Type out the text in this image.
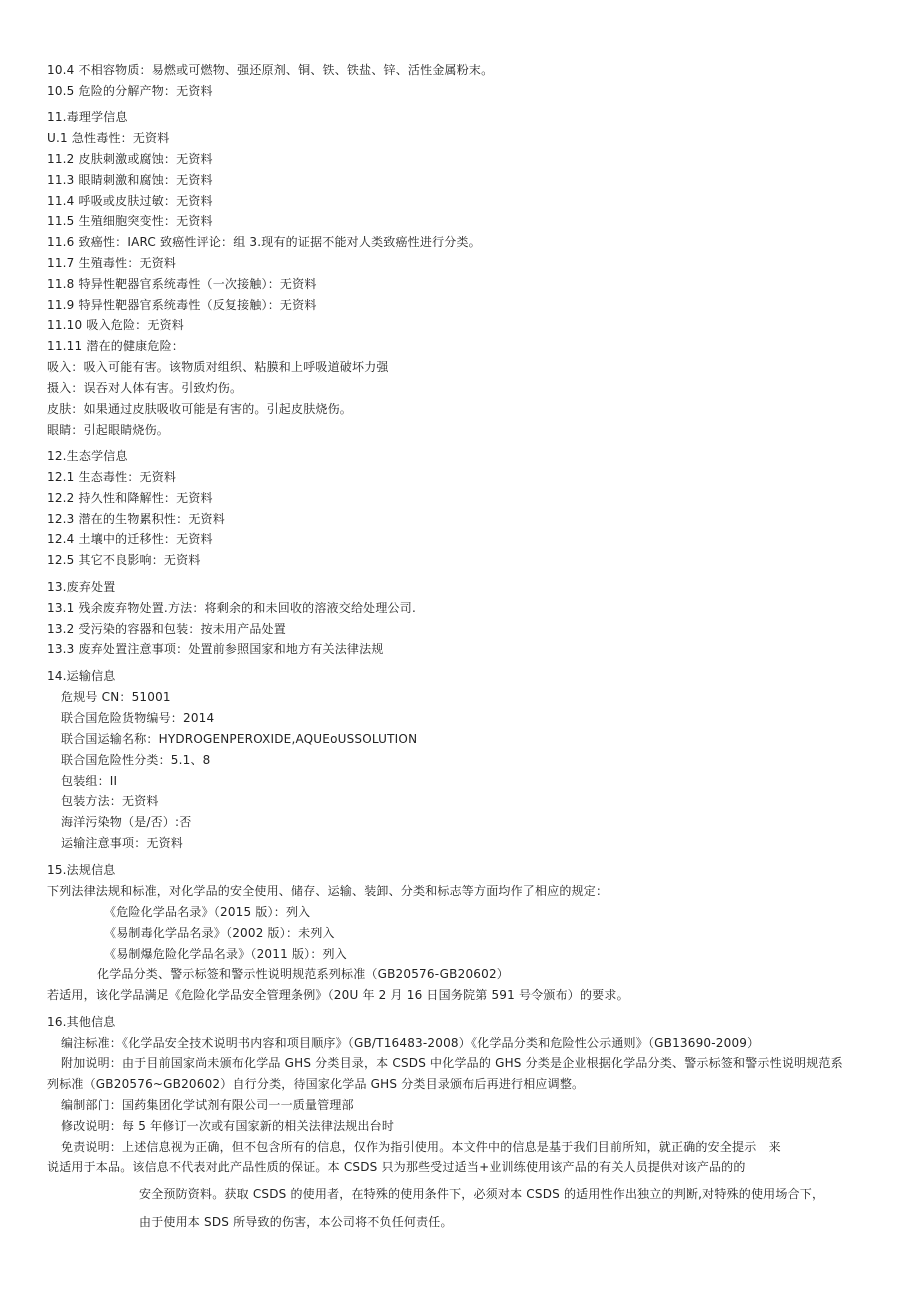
10.4 不相容物质：易燃或可燃物、强还原剂、铜、铁、铁盐、锌、活性金属粉末。
10.5 危险的分解产物：无资料
11.毒理学信息
U.1 急性毒性：无资料
11.2 皮肤刺激或腐蚀：无资料
11.3 眼睛刺激和腐蚀：无资料
11.4 呼吸或皮肤过敏：无资料
11.5 生殖细胞突变性：无资料
11.6 致癌性：IARC 致癌性评论：组 3.现有的证据不能对人类致癌性进行分类。
11.7 生殖毒性：无资料
11.8 特异性靶器官系统毒性（一次接触）：无资料
11.9 特异性靶器官系统毒性（反复接触）：无资料
11.10 吸入危险：无资料
11.11 潜在的健康危险：
吸入：吸入可能有害。该物质对组织、粘膜和上呼吸道破坏力强
摄入：误吞对人体有害。引致灼伤。
皮肤：如果通过皮肤吸收可能是有害的。引起皮肤烧伤。
眼睛：引起眼睛烧伤。
12.生态学信息
12.1 生态毒性：无资料
12.2 持久性和降解性：无资料
12.3 潜在的生物累积性：无资料
12.4 土壤中的迁移性：无资料
12.5 其它不良影响：无资料
13.废弃处置
13.1 残余废弃物处置.方法：将剩余的和未回收的溶液交给处理公司.
13.2 受污染的容器和包装：按未用产品处置
13.3 废弃处置注意事项：处置前参照国家和地方有关法律法规
14.运输信息
危规号 CN：51001
联合国危险货物编号：2014
联合国运输名称：HYDROGENPEROXIDE,AQUEoUSSOLUTION
联合国危险性分类：5.1、8
包装组：II
包装方法：无资料
海洋污染物（是/否）:否
运输注意事项：无资料
15.法规信息
下列法律法规和标准，对化学品的安全使用、储存、运输、装卸、分类和标志等方面均作了相应的规定：
《危险化学品名录》（2015 版）：列入
《易制毒化学品名录》（2002 版）：未列入
《易制爆危险化学品名录》（2011 版）：列入
化学品分类、警示标签和警示性说明规范系列标准（GB20576-GB20602）
若适用，该化学品满足《危险化学品安全管理条例》（20U 年 2 月 16 日国务院第 591 号令颁布）的要求。
16.其他信息
编注标准：《化学品安全技术说明书内容和项目顺序》（GB/T16483-2008）《化学品分类和危险性公示通则》（GB13690-2009）
附加说明：由于目前国家尚未颁布化学品 GHS 分类目录，本 CSDS 中化学品的 GHS 分类是企业根据化学品分类、警示标签和警示性说明规范系
列标准（GB20576~GB20602）自行分类，待国家化学品 GHS 分类目录颁布后再进行相应调整。
编制部门：国药集团化学试剂有限公司一一质量管理部
修改说明：每 5 年修订一次或有国家新的相关法律法规出台时
免责说明：上述信息视为正确，但不包含所有的信息，仅作为指引使用。本文件中的信息是基于我们目前所知，就正确的安全提示　来
说适用于本品。该信息不代表对此产品性质的保证。本 CSDS 只为那些受过适当+业训练使用该产品的有关人员提供对该产品的的
安全预防资料。获取 CSDS 的使用者，在特殊的使用条件下，必须对本 CSDS 的适用性作出独立的判断,对特殊的使用场合下，
由于使用本 SDS 所导致的伤害，本公司将不负任何责任。
